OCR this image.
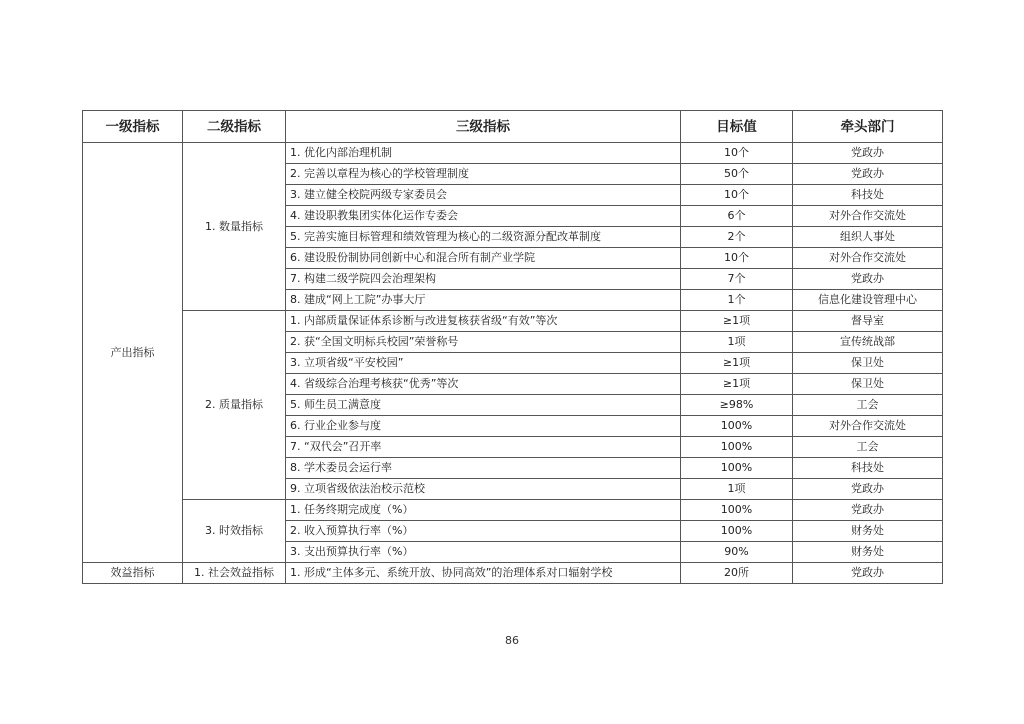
一级指标	二级指标	三级指标	目标值	牵头部门
产出指标	1. 数量指标	1. 优化内部治理机制	10个	党政办
		2. 完善以章程为核心的学校管理制度	50个	党政办
		3. 建立健全校院两级专家委员会	10个	科技处
		4. 建设职教集团实体化运作专委会	6个	对外合作交流处
		5. 完善实施目标管理和绩效管理为核心的二级资源分配改革制度	2个	组织人事处
		6. 建设股份制协同创新中心和混合所有制产业学院	10个	对外合作交流处
		7. 构建二级学院四会治理架构	7个	党政办
		8. 建成“网上工院”办事大厅	1个	信息化建设管理中心
	2. 质量指标	1. 内部质量保证体系诊断与改进复核获省级“有效”等次	≥1项	督导室
		2. 获“全国文明标兵校园”荣誉称号	1项	宣传统战部
		3. 立项省级“平安校园”	≥1项	保卫处
		4. 省级综合治理考核获“优秀”等次	≥1项	保卫处
		5. 师生员工满意度	≥98%	工会
		6. 行业企业参与度	100%	对外合作交流处
		7. “双代会”召开率	100%	工会
		8. 学术委员会运行率	100%	科技处
		9. 立项省级依法治校示范校	1项	党政办
	3. 时效指标	1. 任务终期完成度（%）	100%	党政办
		2. 收入预算执行率（%）	100%	财务处
		3. 支出预算执行率（%）	90%	财务处
效益指标	1. 社会效益指标	1. 形成“主体多元、系统开放、协同高效”的治理体系对口辐射学校	20所	党政办
86
